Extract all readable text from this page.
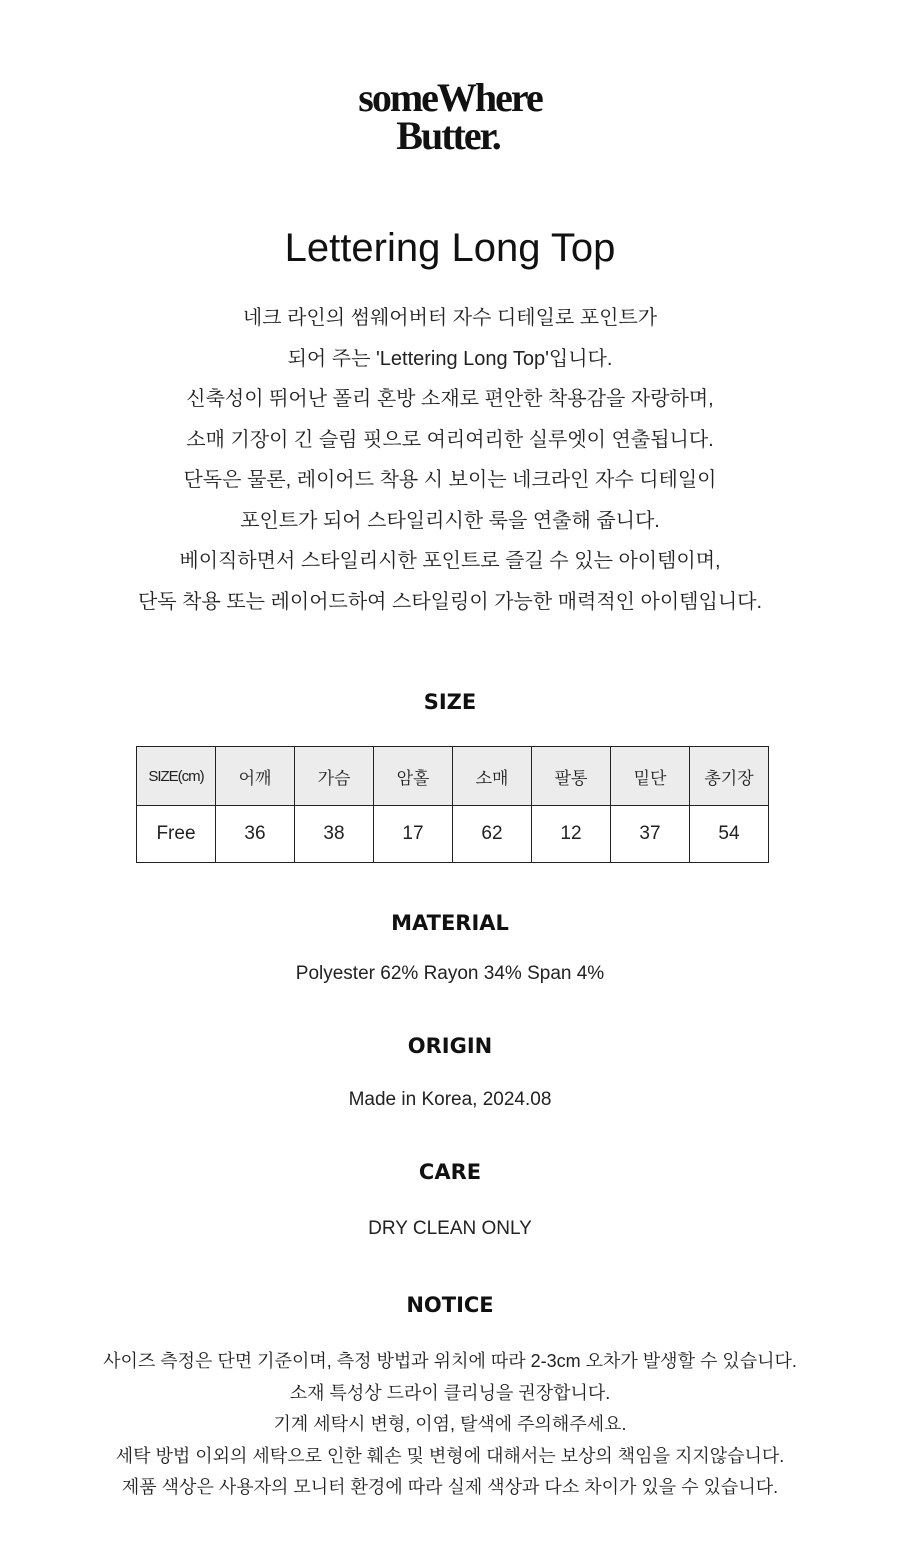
someWhere
Butter.
Lettering Long Top
네크 라인의 썸웨어버터 자수 디테일로 포인트가
되어 주는 'Lettering Long Top'입니다.
신축성이 뛰어난 폴리 혼방 소재로 편안한 착용감을 자랑하며,
소매 기장이 긴 슬림 핏으로 여리여리한 실루엣이 연출됩니다.
단독은 물론, 레이어드 착용 시 보이는 네크라인 자수 디테일이
포인트가 되어 스타일리시한 룩을 연출해 줍니다.
베이직하면서 스타일리시한 포인트로 즐길 수 있는 아이템이며,
단독 착용 또는 레이어드하여 스타일링이 가능한 매력적인 아이템입니다.
SIZE
SIZE(cm)	어깨	가슴	암홀	소매	팔통	밑단	총기장
Free	36	38	17	62	12	37	54
MATERIAL
Polyester 62% Rayon 34% Span 4%
ORIGIN
Made in Korea, 2024.08
CARE
DRY CLEAN ONLY
NOTICE
사이즈 측정은 단면 기준이며, 측정 방법과 위치에 따라 2-3cm 오차가 발생할 수 있습니다.
소재 특성상 드라이 클리닝을 권장합니다.
기계 세탁시 변형, 이염, 탈색에 주의해주세요.
세탁 방법 이외의 세탁으로 인한 훼손 및 변형에 대해서는 보상의 책임을 지지않습니다.
제품 색상은 사용자의 모니터 환경에 따라 실제 색상과 다소 차이가 있을 수 있습니다.
